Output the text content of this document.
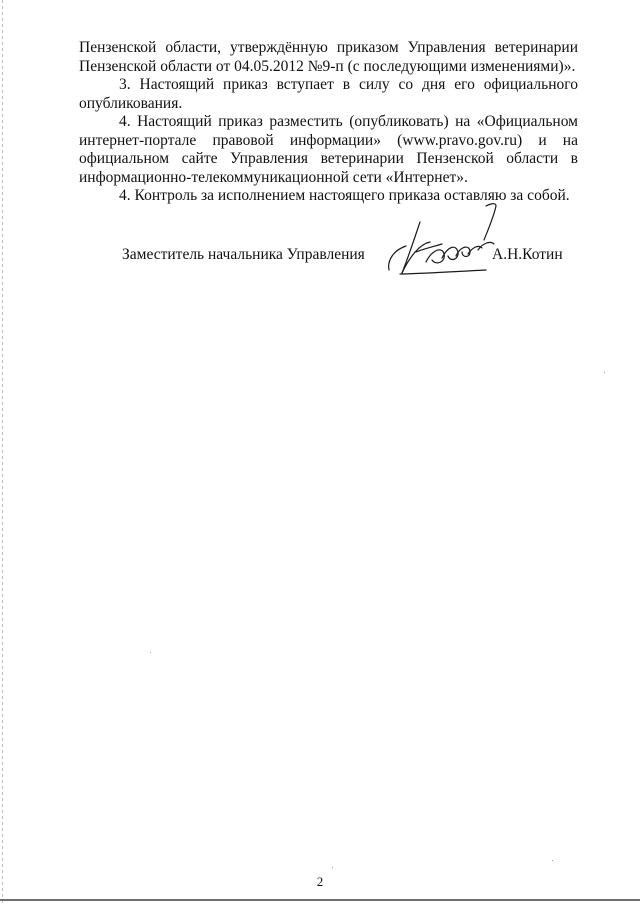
Пензенской области, утверждённую приказом Управления ветеринарии Пензенской области от 04.05.2012 №9-п (с последующими изменениями)».

3. Настоящий приказ вступает в силу со дня его официального опубликования.

4. Настоящий приказ разместить (опубликовать) на «Официальном интернет-портале правовой информации» (www.pravo.gov.ru) и на официальном сайте Управления ветеринарии Пензенской области в информационно-телекоммуникационной сети «Интернет».

4. Контроль за исполнением настоящего приказа оставляю за собой.

Заместитель начальника Управления	А.Н.Котин
2
